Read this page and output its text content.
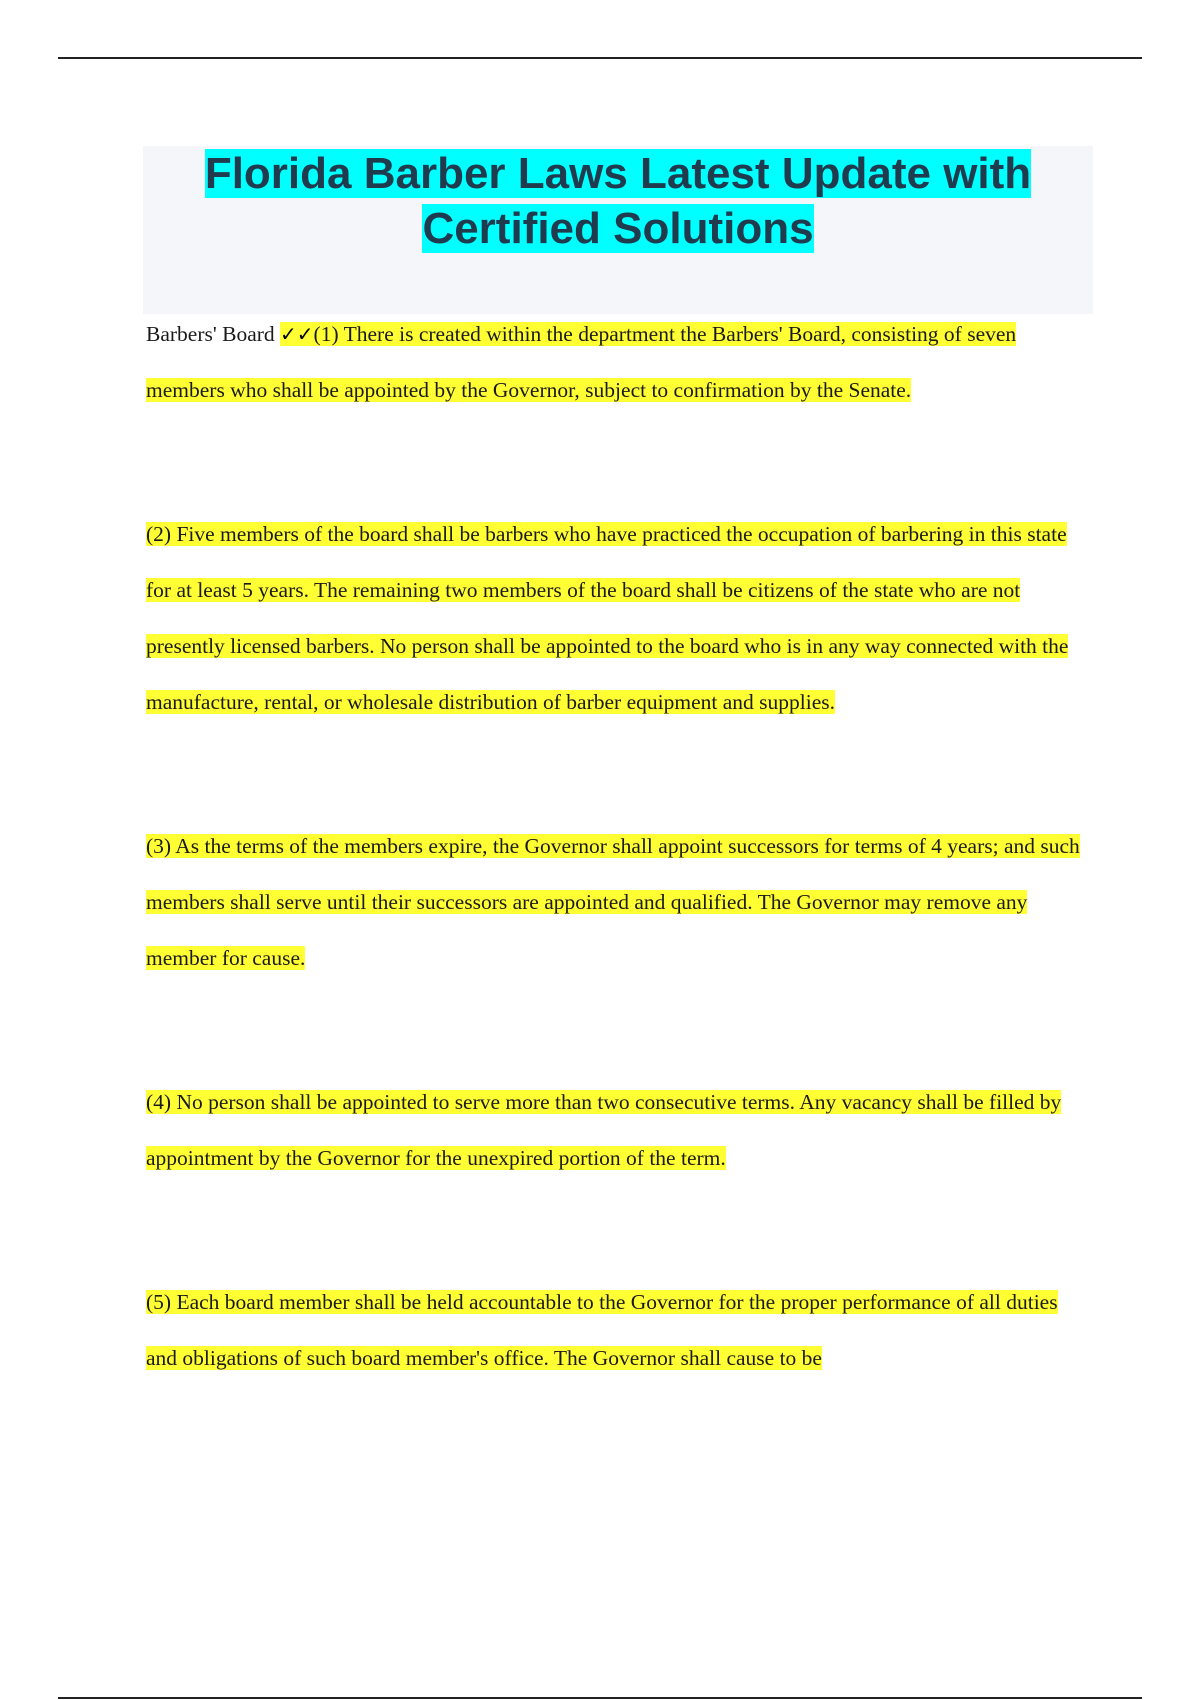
Florida Barber Laws Latest Update with Certified Solutions

Barbers' Board ✓✓(1) There is created within the department the Barbers' Board, consisting of seven members who shall be appointed by the Governor, subject to confirmation by the Senate.

(2) Five members of the board shall be barbers who have practiced the occupation of barbering in this state for at least 5 years. The remaining two members of the board shall be citizens of the state who are not presently licensed barbers. No person shall be appointed to the board who is in any way connected with the manufacture, rental, or wholesale distribution of barber equipment and supplies.

(3) As the terms of the members expire, the Governor shall appoint successors for terms of 4 years; and such members shall serve until their successors are appointed and qualified. The Governor may remove any member for cause.

(4) No person shall be appointed to serve more than two consecutive terms. Any vacancy shall be filled by appointment by the Governor for the unexpired portion of the term.

(5) Each board member shall be held accountable to the Governor for the proper performance of all duties and obligations of such board member's office. The Governor shall cause to be
